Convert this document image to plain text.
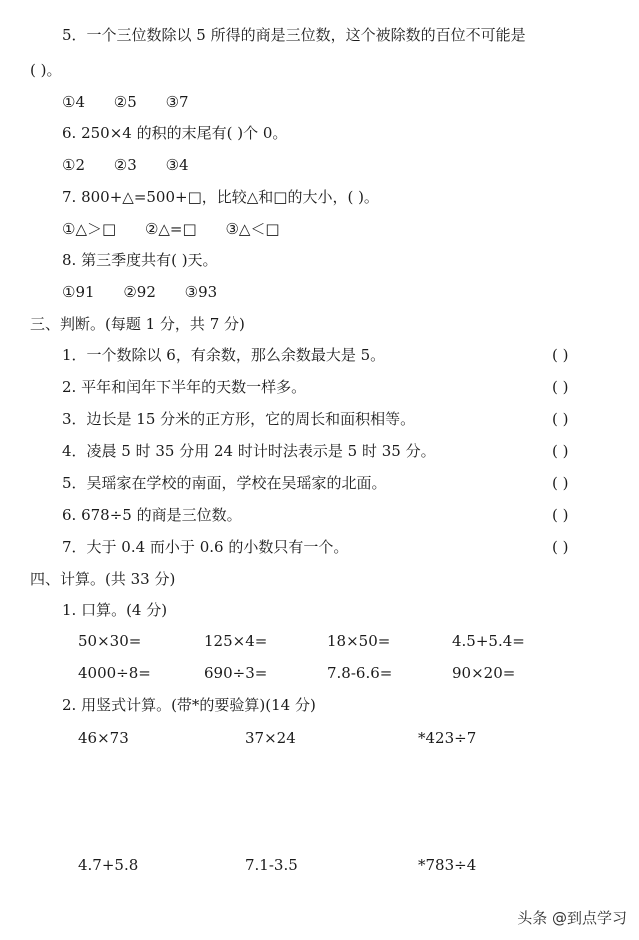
5．一个三位数除以 5 所得的商是三位数，这个被除数的百位不可能是
( )。
①4 ②5 ③7
6. 250×4 的积的末尾有( )个 0。
①2 ②3 ③4
7. 800+△=500+□，比较△和□的大小，( )。
①△＞□ ②△=□ ③△＜□
8. 第三季度共有( )天。
①91 ②92 ③93
三、判断。(每题 1 分，共 7 分)
1．一个数除以 6，有余数，那么余数最大是 5。	( )
2. 平年和闰年下半年的天数一样多。	( )
3．边长是 15 分米的正方形，它的周长和面积相等。	( )
4．凌晨 5 时 35 分用 24 时计时法表示是 5 时 35 分。	( )
5．吴瑶家在学校的南面，学校在吴瑶家的北面。	( )
6. 678÷5 的商是三位数。	( )
7．大于 0.4 而小于 0.6 的小数只有一个。	( )
四、计算。(共 33 分)
1. 口算。(4 分)
50×30=	125×4=	18×50=	4.5+5.4=
4000÷8=	690÷3=	7.8-6.6=	90×20=
2. 用竖式计算。(带*的要验算)(14 分)
46×73	37×24	*423÷7
4.7+5.8	7.1-3.5	*783÷4
头条 @到点学习
